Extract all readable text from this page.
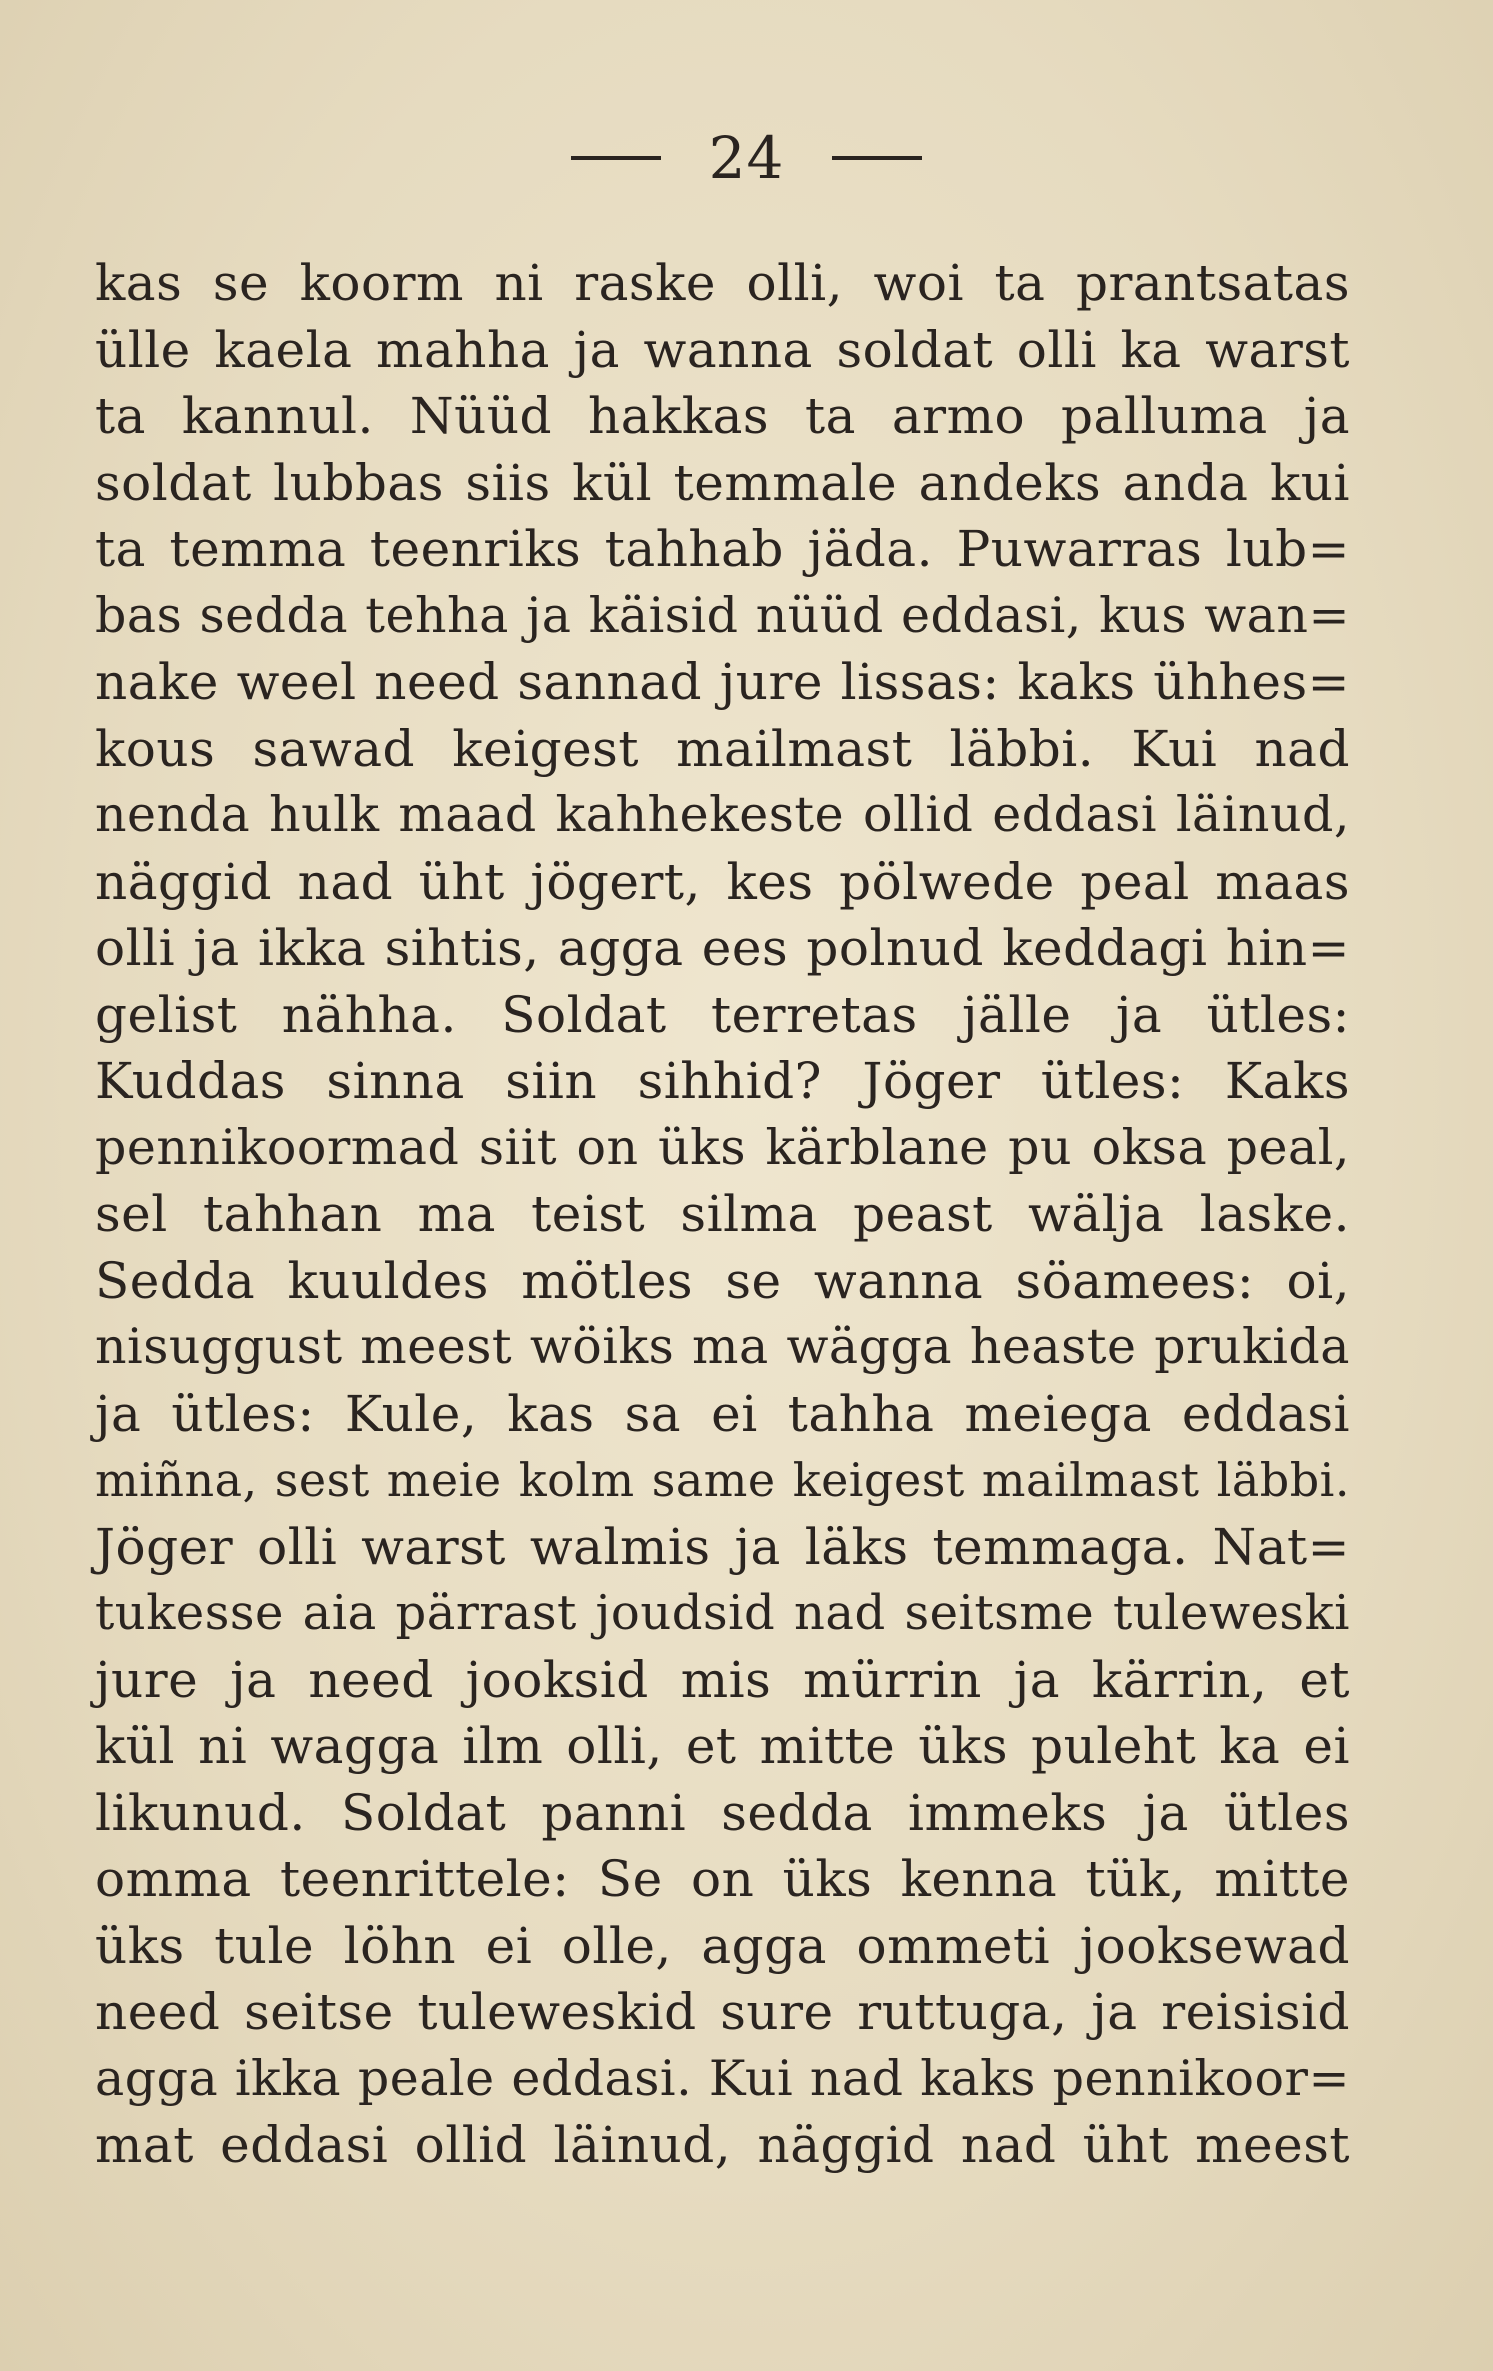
24
kas se koorm ni raske olli, woi ta prantsatas
ülle kaela mahha ja wanna soldat olli ka warst
ta kannul. Nüüd hakkas ta armo palluma ja
soldat lubbas siis kül temmale andeks anda kui
ta temma teenriks tahhab jäda. Puwarras lub=
bas sedda tehha ja käisid nüüd eddasi, kus wan=
nake weel need sannad jure lissas: kaks ühhes=
kous sawad keigest mailmast läbbi. Kui nad
nenda hulk maad kahhekeste ollid eddasi läinud,
näggid nad üht jögert, kes pölwede peal maas
olli ja ikka sihtis, agga ees polnud keddagi hin=
gelist nähha. Soldat terretas jälle ja ütles:
Kuddas sinna siin sihhid? Jöger ütles: Kaks
pennikoormad siit on üks kärblane pu oksa peal,
sel tahhan ma teist silma peast wälja laske.
Sedda kuuldes mötles se wanna söamees: oi,
nisuggust meest wöiks ma wägga heaste prukida
ja ütles: Kule, kas sa ei tahha meiega eddasi
miñna, sest meie kolm same keigest mailmast läbbi.
Jöger olli warst walmis ja läks temmaga. Nat=
tukesse aia pärrast joudsid nad seitsme tuleweski
jure ja need jooksid mis mürrin ja kärrin, et
kül ni wagga ilm olli, et mitte üks puleht ka ei
likunud. Soldat panni sedda immeks ja ütles
omma teenrittele: Se on üks kenna tük, mitte
üks tule löhn ei olle, agga ommeti jooksewad
need seitse tuleweskid sure ruttuga, ja reisisid
agga ikka peale eddasi. Kui nad kaks pennikoor=
mat eddasi ollid läinud, näggid nad üht meest
